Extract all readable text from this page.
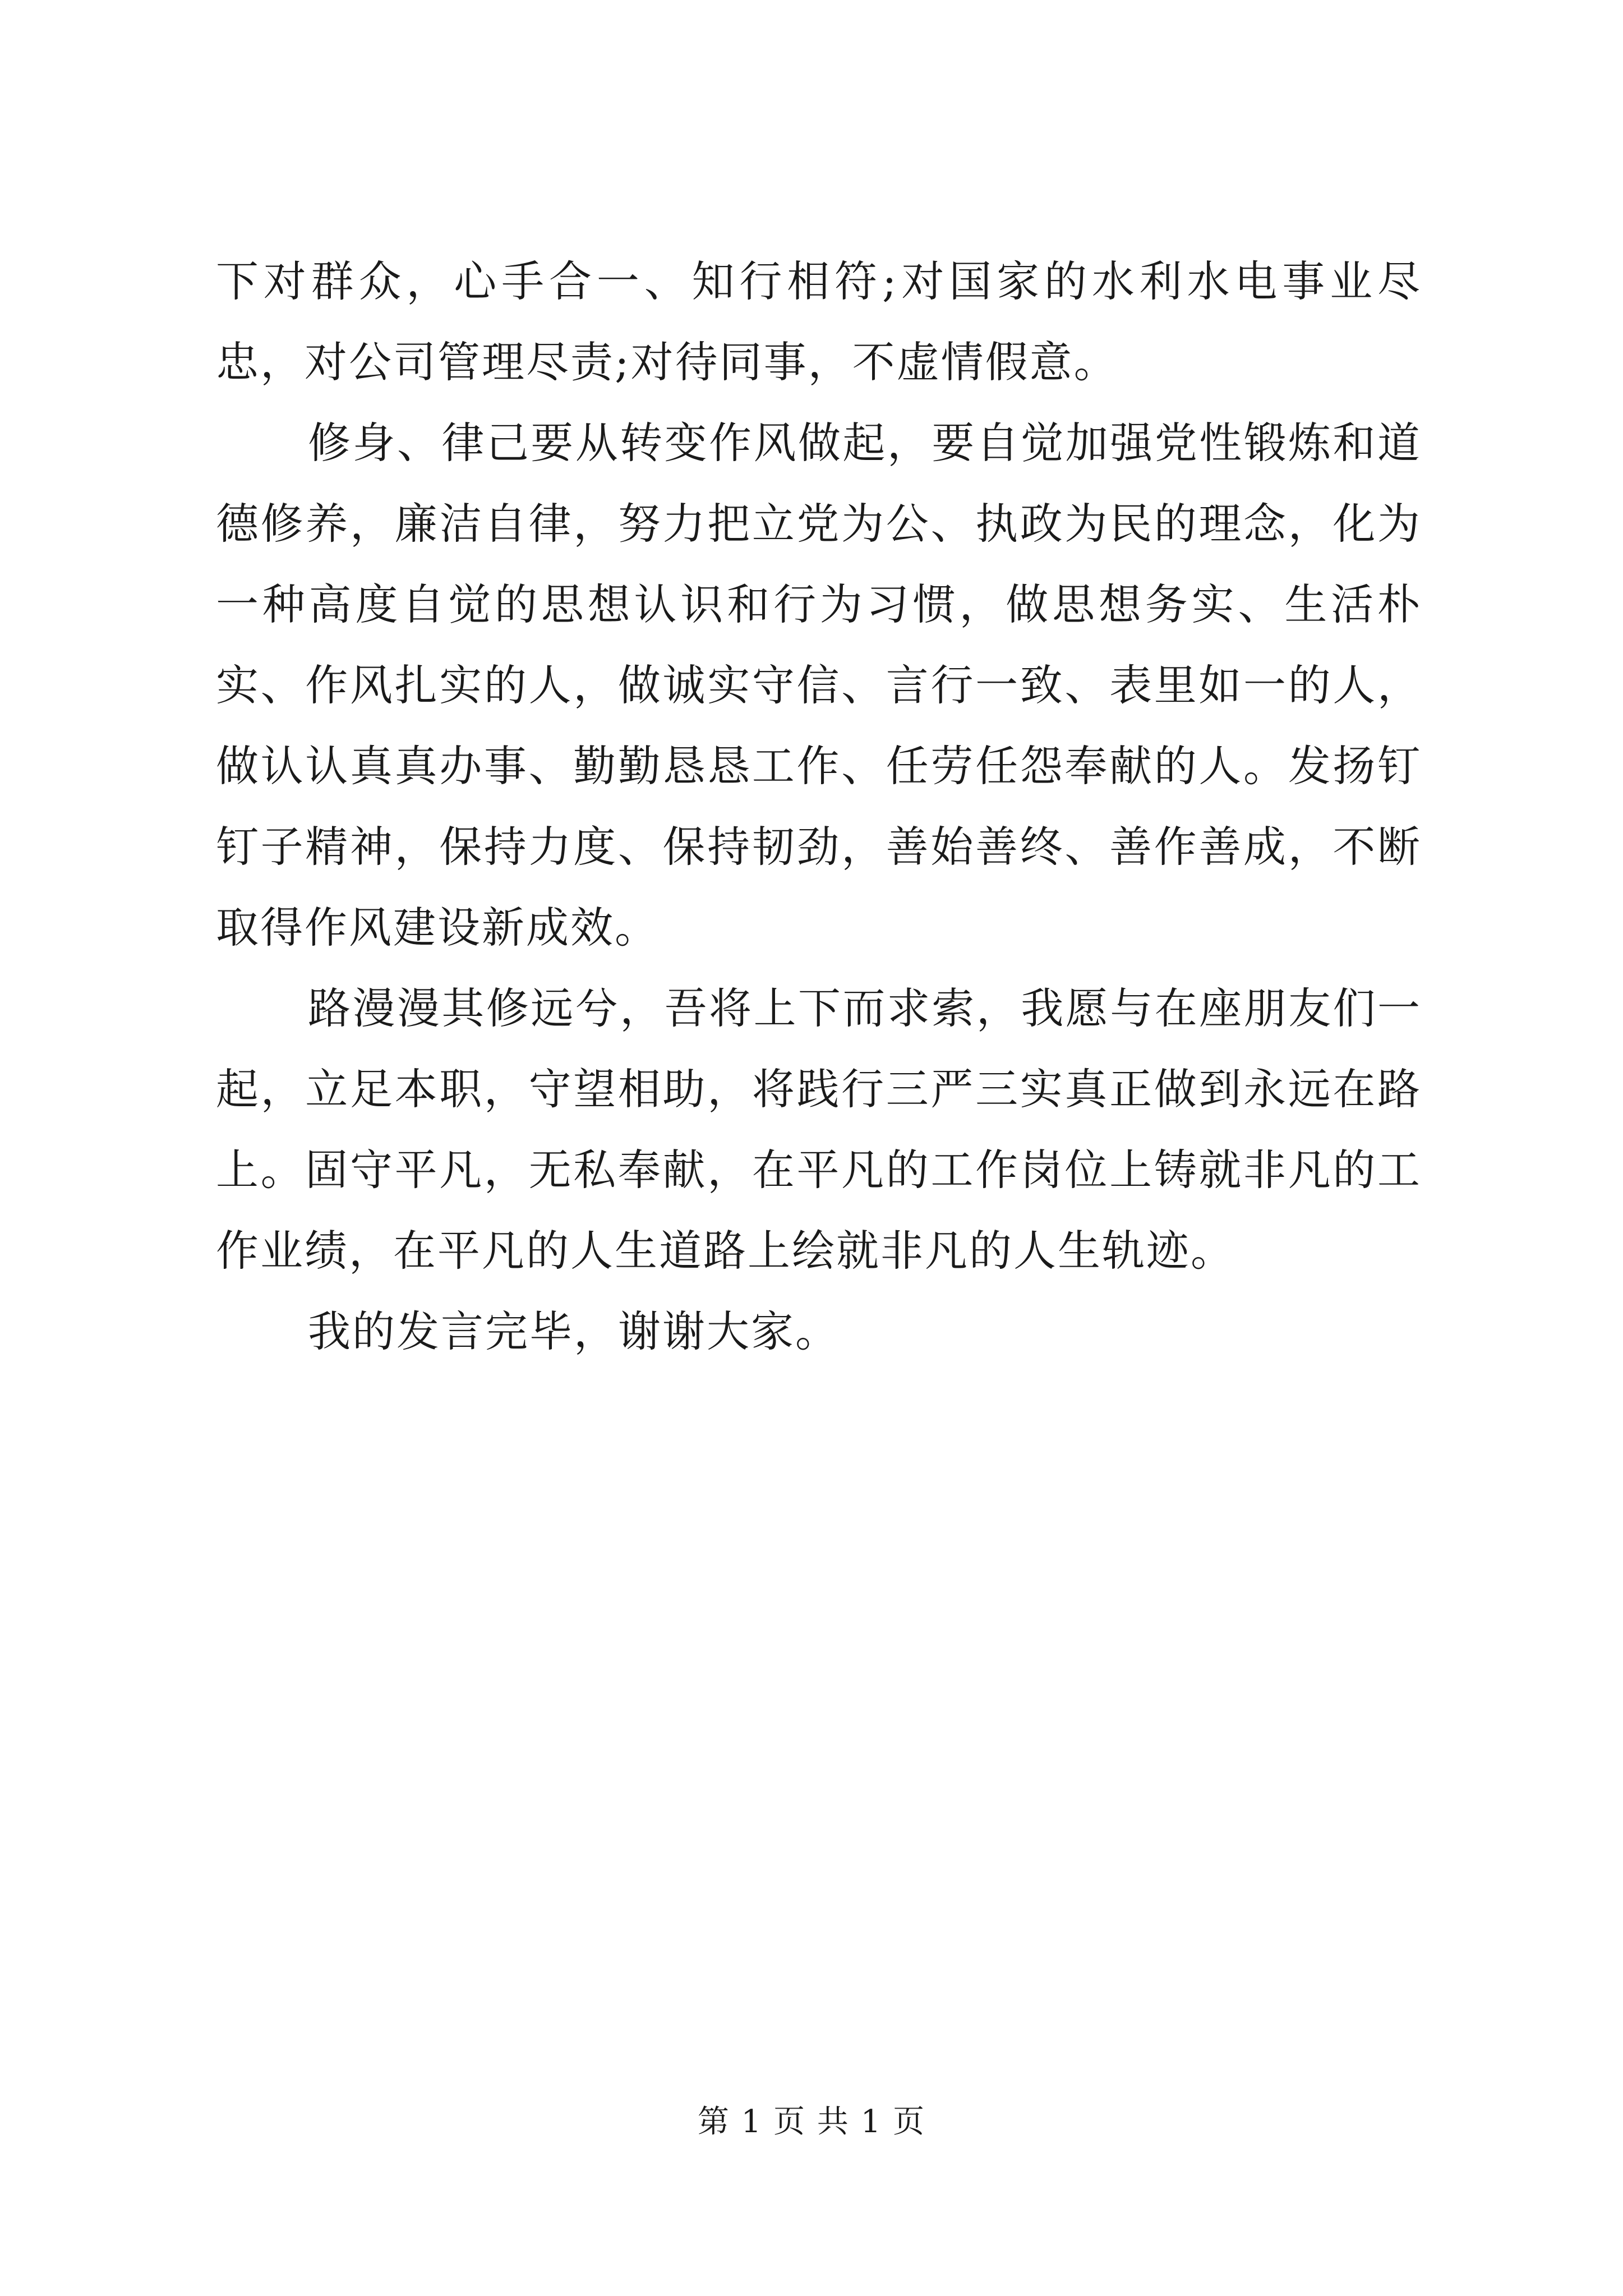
下对群众，心手合一、知行相符;对国家的水利水电事业尽忠，对公司管理尽责;对待同事，不虚情假意。

修身、律己要从转变作风做起，要自觉加强党性锻炼和道德修养，廉洁自律，努力把立党为公、执政为民的理念，化为一种高度自觉的思想认识和行为习惯，做思想务实、生活朴实、作风扎实的人，做诚实守信、言行一致、表里如一的人，做认认真真办事、勤勤恳恳工作、任劳任怨奉献的人。发扬钉钉子精神，保持力度、保持韧劲，善始善终、善作善成，不断取得作风建设新成效。

路漫漫其修远兮，吾将上下而求索，我愿与在座朋友们一起，立足本职，守望相助，将践行三严三实真正做到永远在路上。固守平凡，无私奉献，在平凡的工作岗位上铸就非凡的工作业绩，在平凡的人生道路上绘就非凡的人生轨迹。

我的发言完毕，谢谢大家。

第 1 页 共 1 页
